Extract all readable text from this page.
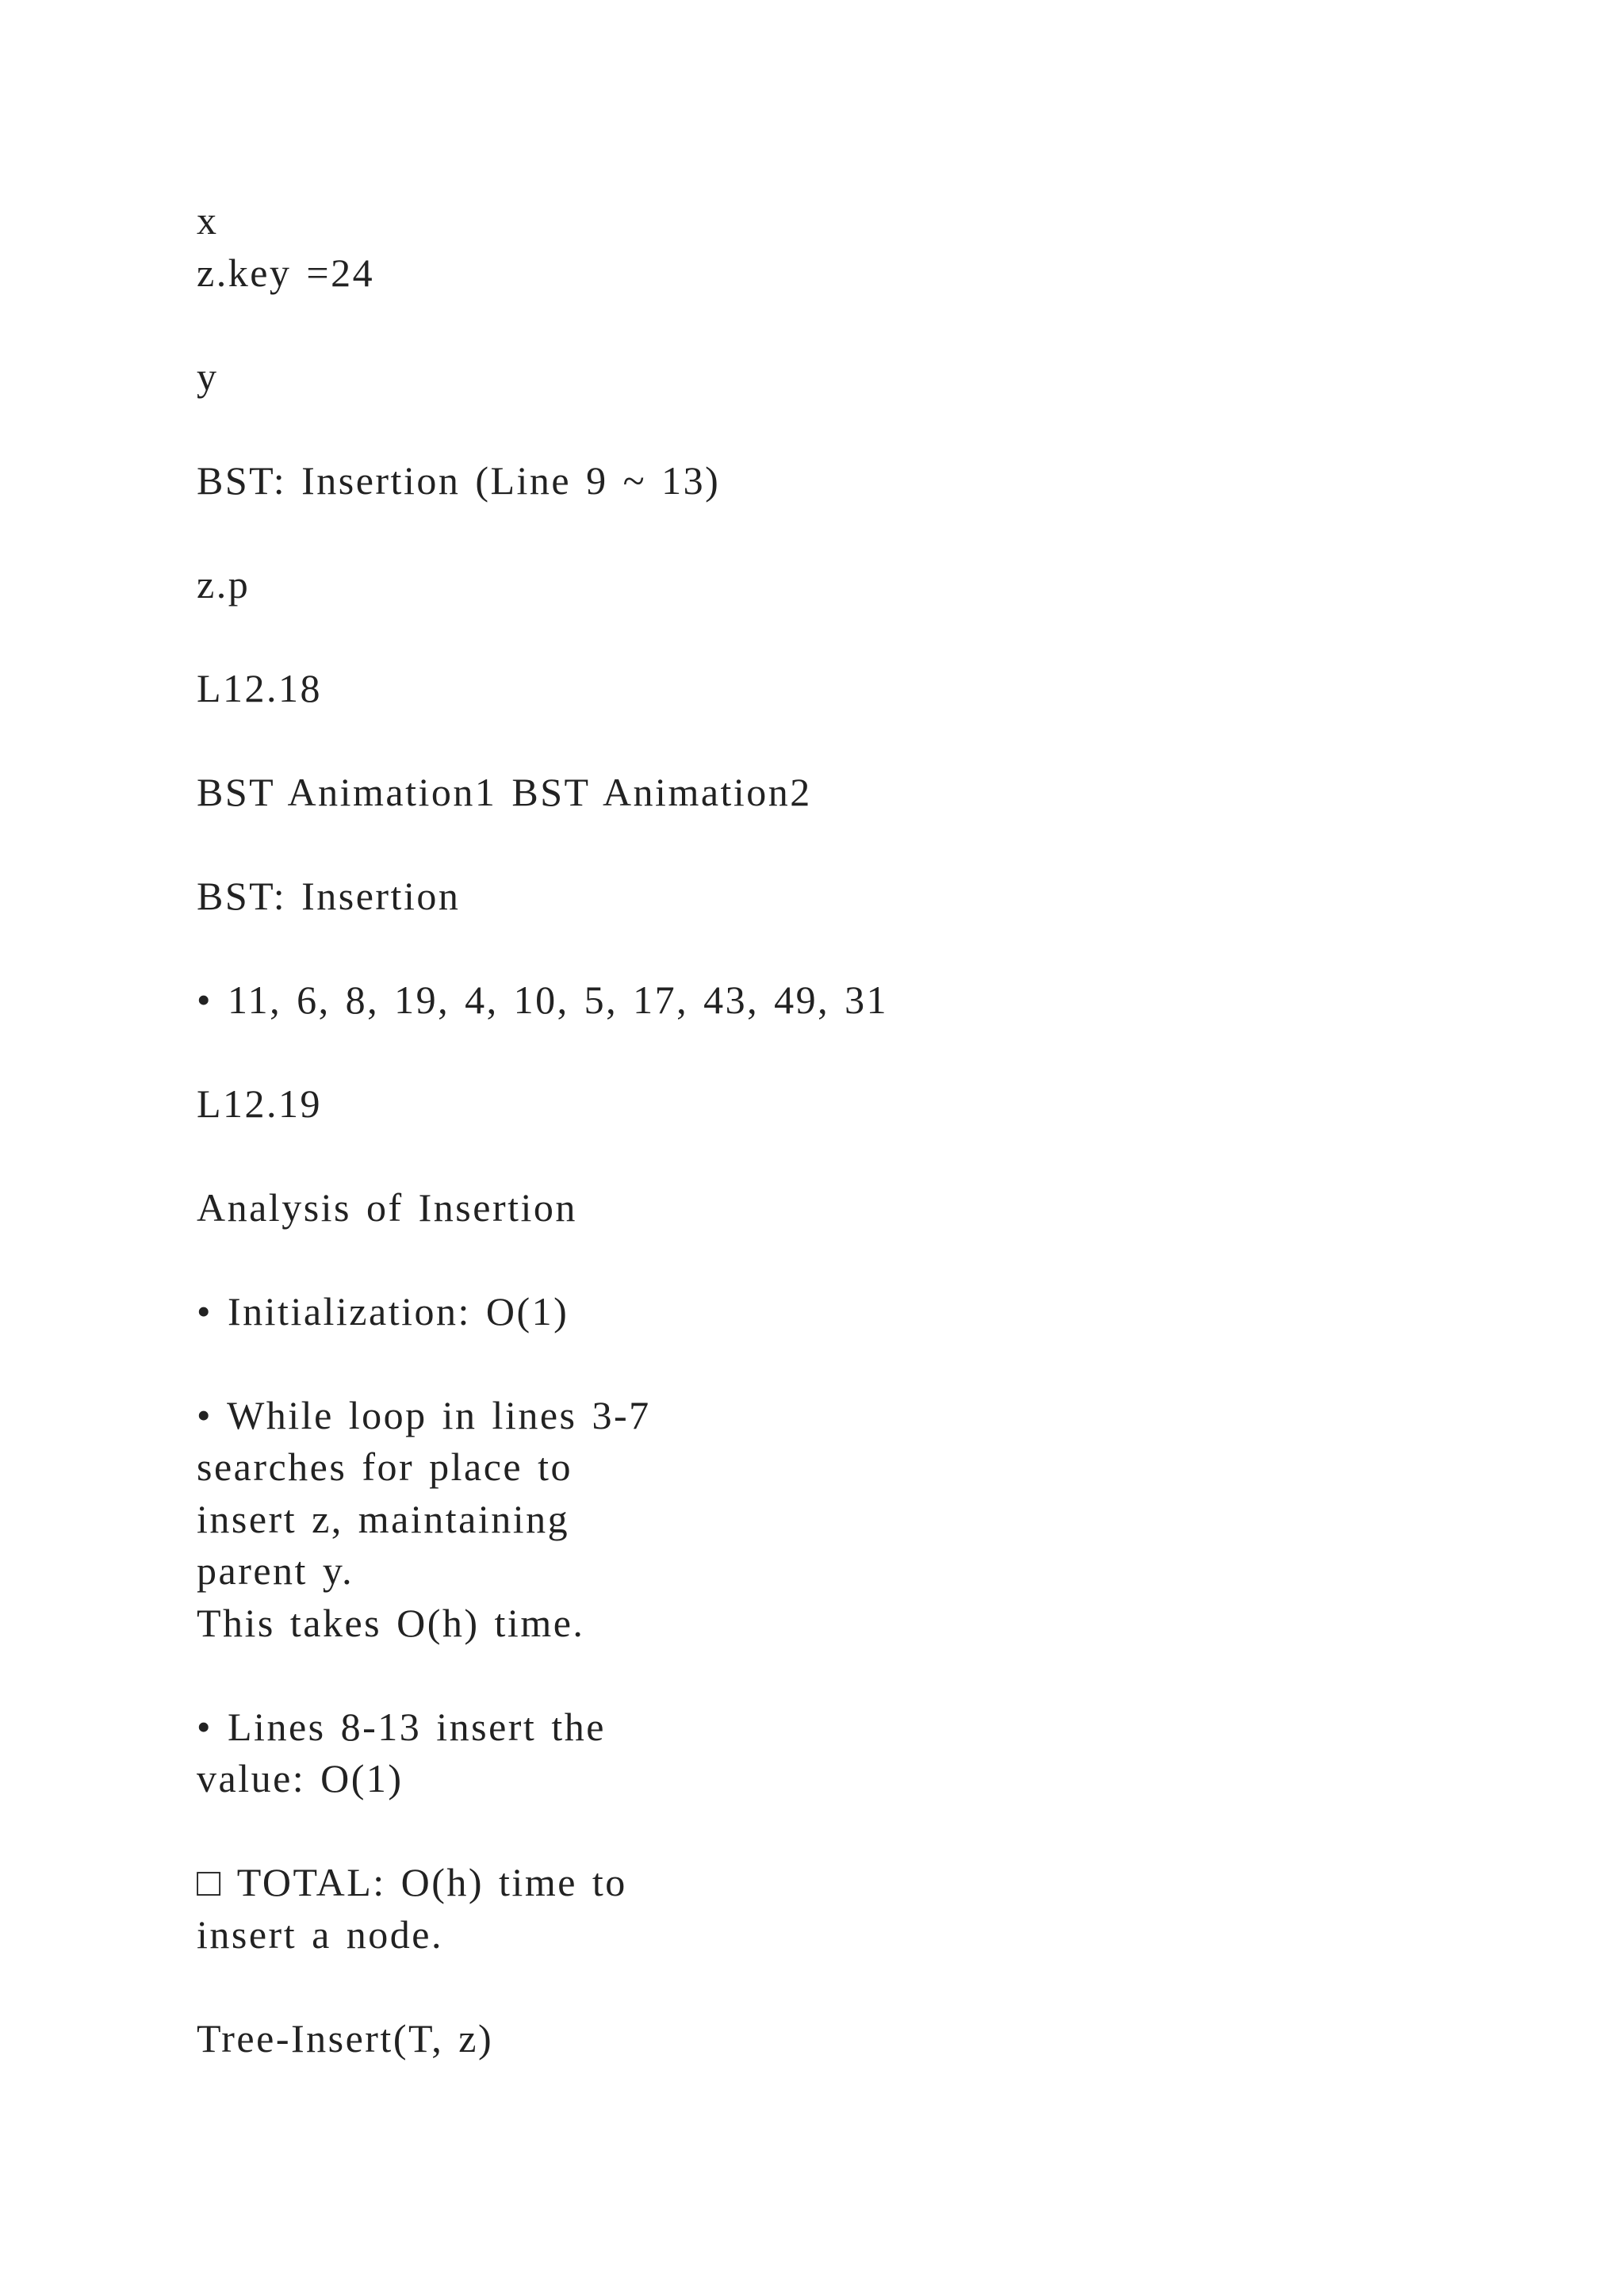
x
z.key =24
y
BST: Insertion (Line 9 ~ 13)
z.p
L12.18
BST Animation1 BST Animation2
BST: Insertion
• 11, 6, 8, 19, 4, 10, 5, 17, 43, 49, 31
L12.19
Analysis of Insertion
• Initialization: O(1)
• While loop in lines 3-7
searches for place to
insert z, maintaining
parent y.
This takes O(h) time.
• Lines 8-13 insert the
value: O(1)
□ TOTAL: O(h) time to
insert a node.
Tree-Insert(T, z)
